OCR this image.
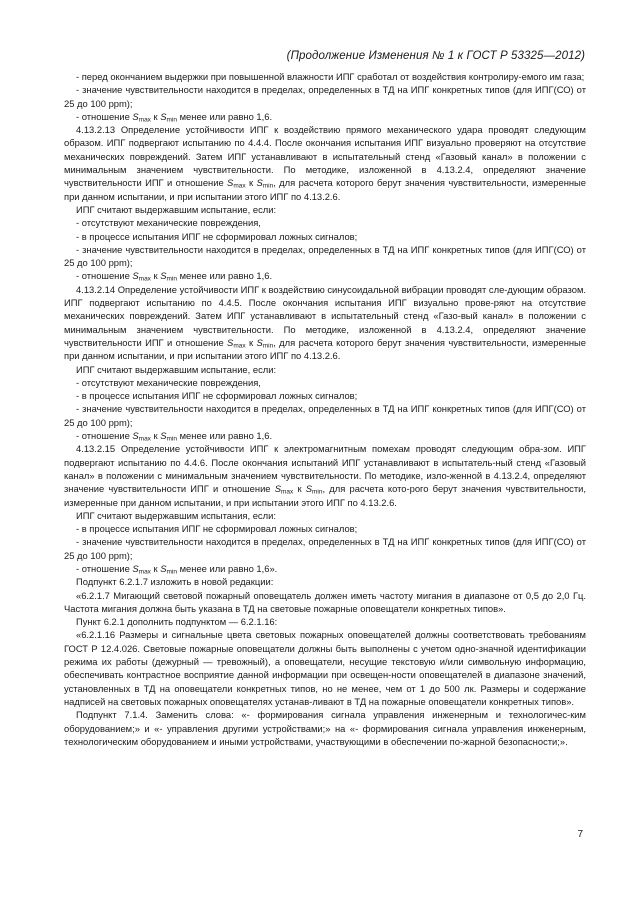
(Продолжение Изменения № 1 к ГОСТ Р 53325—2012)

- перед окончанием выдержки при повышенной влажности ИПГ сработал от воздействия контролиру-емого им газа;

- значение чувствительности находится в пределах, определенных в ТД на ИПГ конкретных типов (для ИПГ(СО) от 25 до 100 ppm);

- отношение $S_{max}$ к $S_{min}$ менее или равно 1,6.

4.13.2.13 Определение устойчивости ИПГ к воздействию прямого механического удара проводят следующим образом. ИПГ подвергают испытанию по 4.4.4. После окончания испытания ИПГ визуально проверяют на отсутствие механических повреждений. Затем ИПГ устанавливают в испытательный стенд «Газовый канал» в положении с минимальным значением чувствительности. По методике, изложенной в 4.13.2.4, определяют значение чувствительности ИПГ и отношение $S_{max}$ к $S_{min}$, для расчета которого берут значения чувствительности, измеренные при данном испытании, и при испытании этого ИПГ по 4.13.2.6.

ИПГ считают выдержавшим испытание, если:

- отсутствуют механические повреждения,

- в процессе испытания ИПГ не сформировал ложных сигналов;

- значение чувствительности находится в пределах, определенных в ТД на ИПГ конкретных типов (для ИПГ(СО) от 25 до 100 ppm);

- отношение $S_{max}$ к $S_{min}$ менее или равно 1,6.

4.13.2.14 Определение устойчивости ИПГ к воздействию синусоидальной вибрации проводят сле-дующим образом. ИПГ подвергают испытанию по 4.4.5. После окончания испытания ИПГ визуально прове-ряют на отсутствие механических повреждений. Затем ИПГ устанавливают в испытательный стенд «Газо-вый канал» в положении с минимальным значением чувствительности. По методике, изложенной в 4.13.2.4, определяют значение чувствительности ИПГ и отношение $S_{max}$ к $S_{min}$, для расчета которого берут значения чувствительности, измеренные при данном испытании, и при испытании этого ИПГ по 4.13.2.6.

ИПГ считают выдержавшим испытание, если:

- отсутствуют механические повреждения,

- в процессе испытания ИПГ не сформировал ложных сигналов;

- значение чувствительности находится в пределах, определенных в ТД на ИПГ конкретных типов (для ИПГ(СО) от 25 до 100 ppm);

- отношение $S_{max}$ к $S_{min}$ менее или равно 1,6.

4.13.2.15 Определение устойчивости ИПГ к электромагнитным помехам проводят следующим обра-зом. ИПГ подвергают испытанию по 4.4.6. После окончания испытаний ИПГ устанавливают в испытатель-ный стенд «Газовый канал» в положении с минимальным значением чувствительности. По методике, изло-женной в 4.13.2.4, определяют значение чувствительности ИПГ и отношение $S_{max}$ к $S_{min}$, для расчета кото-рого берут значения чувствительности, измеренные при данном испытании, и при испытании этого ИПГ по 4.13.2.6.

ИПГ считают выдержавшим испытания, если:

- в процессе испытания ИПГ не сформировал ложных сигналов;

- значение чувствительности находится в пределах, определенных в ТД на ИПГ конкретных типов (для ИПГ(СО) от 25 до 100 ppm);

- отношение $S_{max}$ к $S_{min}$ менее или равно 1,6».

Подпункт 6.2.1.7 изложить в новой редакции:

«6.2.1.7 Мигающий световой пожарный оповещатель должен иметь частоту мигания в диапазоне от 0,5 до 2,0 Гц. Частота мигания должна быть указана в ТД на световые пожарные оповещатели конкретных типов».

Пункт 6.2.1 дополнить подпунктом — 6.2.1.16:

«6.2.1.16 Размеры и сигнальные цвета световых пожарных оповещателей должны соответствовать требованиям ГОСТ Р 12.4.026. Световые пожарные оповещатели должны быть выполнены с учетом одно-значной идентификации режима их работы (дежурный — тревожный), а оповещатели, несущие текстовую и/или символьную информацию, обеспечивать контрастное восприятие данной информации при освещен-ности оповещателей в диапазоне значений, установленных в ТД на оповещатели конкретных типов, но не менее, чем от 1 до 500 лк. Размеры и содержание надписей на световых пожарных оповещателях устанав-ливают в ТД на пожарные оповещатели конкретных типов».

Подпункт 7.1.4. Заменить слова: «- формирования сигнала управления инженерным и технологичес-ким оборудованием;» и «- управления другими устройствами;» на «- формирования сигнала управления инженерным, технологическим оборудованием и иными устройствами, участвующими в обеспечении по-жарной безопасности;».

7
